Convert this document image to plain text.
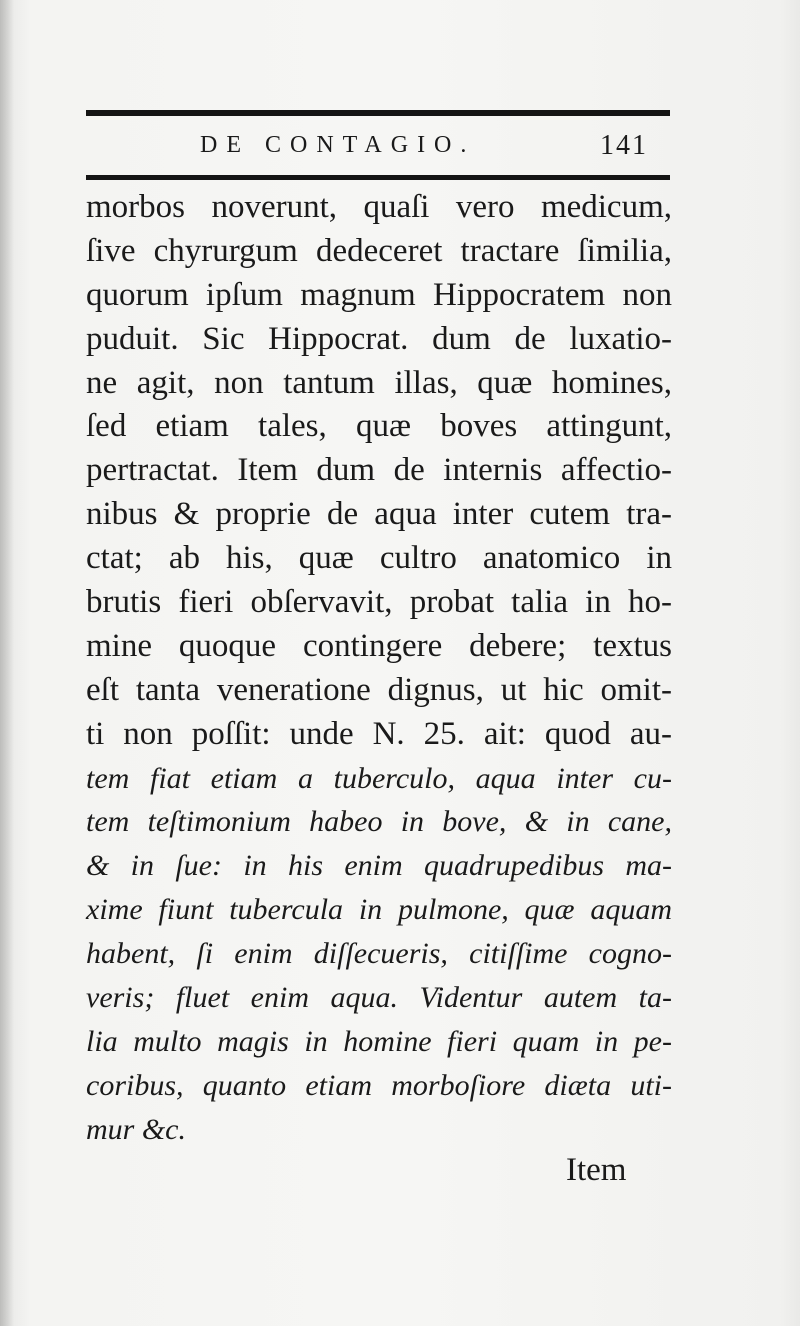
DE CONTAGIO.	141
morbos noverunt, quaſi vero medicum,
ſive chyrurgum dedeceret tractare ſimilia,
quorum ipſum magnum Hippocratem non
puduit. Sic Hippocrat. dum de luxatio-
ne agit, non tantum illas, quæ homines,
ſed etiam tales, quæ boves attingunt,
pertractat. Item dum de internis affectio-
nibus & proprie de aqua inter cutem tra-
ctat; ab his, quæ cultro anatomico in
brutis fieri obſervavit, probat talia in ho-
mine quoque contingere debere; textus
eſt tanta veneratione dignus, ut hic omit-
ti non poſſit: unde N. 25. ait: quod au-
tem fiat etiam a tuberculo, aqua inter cu-
tem teſtimonium habeo in bove, & in cane,
& in ſue: in his enim quadrupedibus ma-
xime fiunt tubercula in pulmone, quæ aquam
habent, ſi enim diſſecueris, citiſſime cogno-
veris; fluet enim aqua. Videntur autem ta-
lia multo magis in homine fieri quam in pe-
coribus, quanto etiam morboſiore diæta uti-
mur &c.
Item
